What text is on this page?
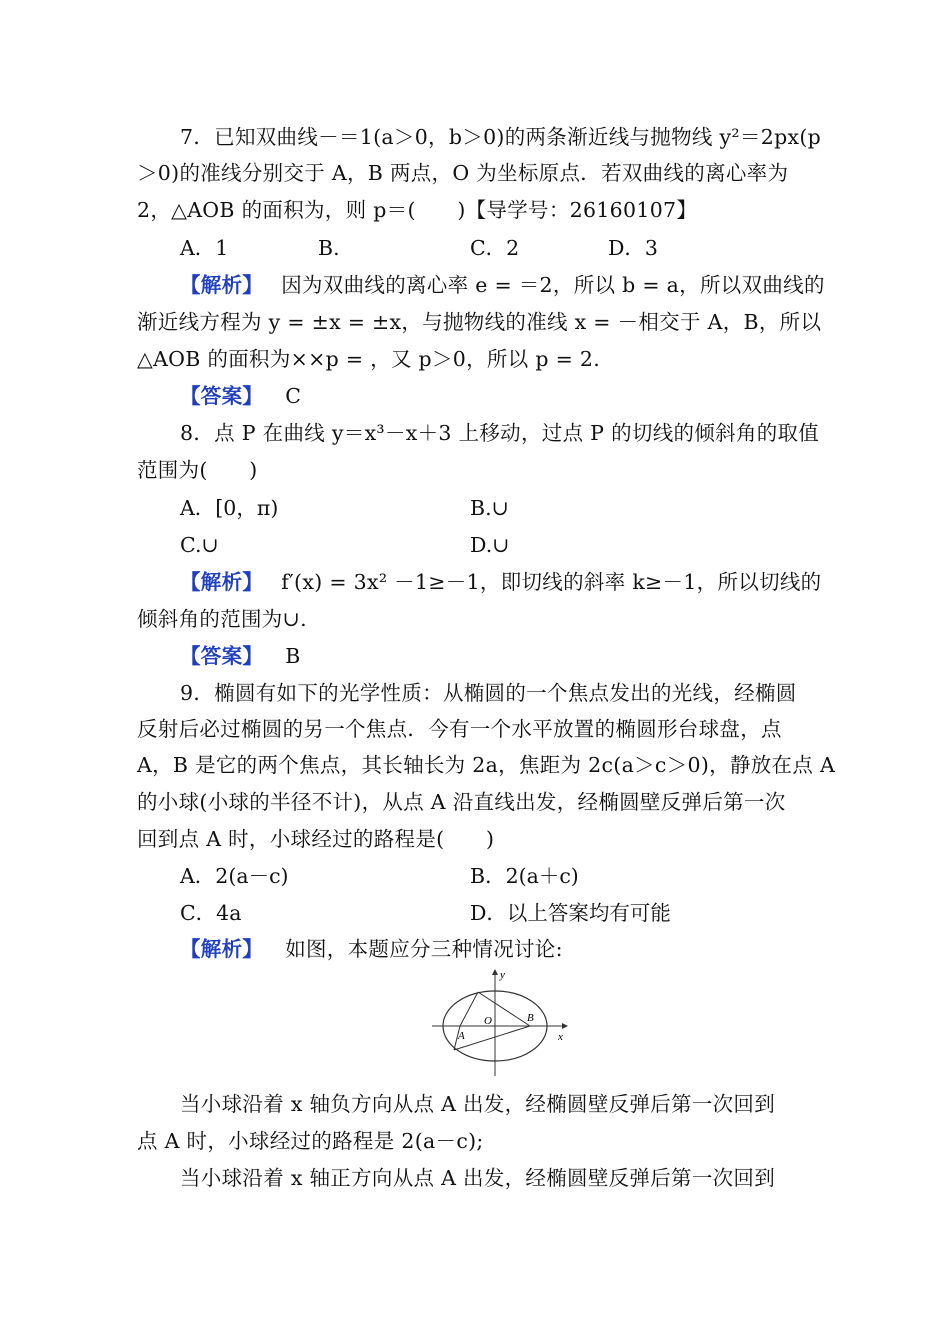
7．已知双曲线－＝1(a＞0，b＞0)的两条渐近线与抛物线 y²＝2px(p
＞0)的准线分别交于 A，B 两点，O 为坐标原点．若双曲线的离心率为
2，△AOB 的面积为，则 p＝(　　)【导学号：26160107】
A．1	B.	C．2	D．3
【解析】 因为双曲线的离心率 e = ＝2，所以 b = a，所以双曲线的
渐近线方程为 y = ±x = ±x，与抛物线的准线 x = －相交于 A，B，所以
△AOB 的面积为××p = ，又 p＞0，所以 p = 2.
【答案】 C
8．点 P 在曲线 y＝x³－x＋3 上移动，过点 P 的切线的倾斜角的取值
范围为(　　)
A．[0，π)	B.∪
C.∪	D.∪
【解析】 f′(x) = 3x² －1≥－1，即切线的斜率 k≥－1，所以切线的
倾斜角的范围为∪.
【答案】 B
9．椭圆有如下的光学性质：从椭圆的一个焦点发出的光线，经椭圆
反射后必过椭圆的另一个焦点．今有一个水平放置的椭圆形台球盘，点
A，B 是它的两个焦点，其长轴长为 2a，焦距为 2c(a＞c＞0)，静放在点 A
的小球(小球的半径不计)，从点 A 沿直线出发，经椭圆壁反弹后第一次
回到点 A 时，小球经过的路程是(　　)
A．2(a－c)	B．2(a＋c)
C．4a	D．以上答案均有可能
【解析】 如图，本题应分三种情况讨论:
y
x
O	B
A
当小球沿着 x 轴负方向从点 A 出发，经椭圆壁反弹后第一次回到
点 A 时，小球经过的路程是 2(a－c);
当小球沿着 x 轴正方向从点 A 出发，经椭圆壁反弹后第一次回到
